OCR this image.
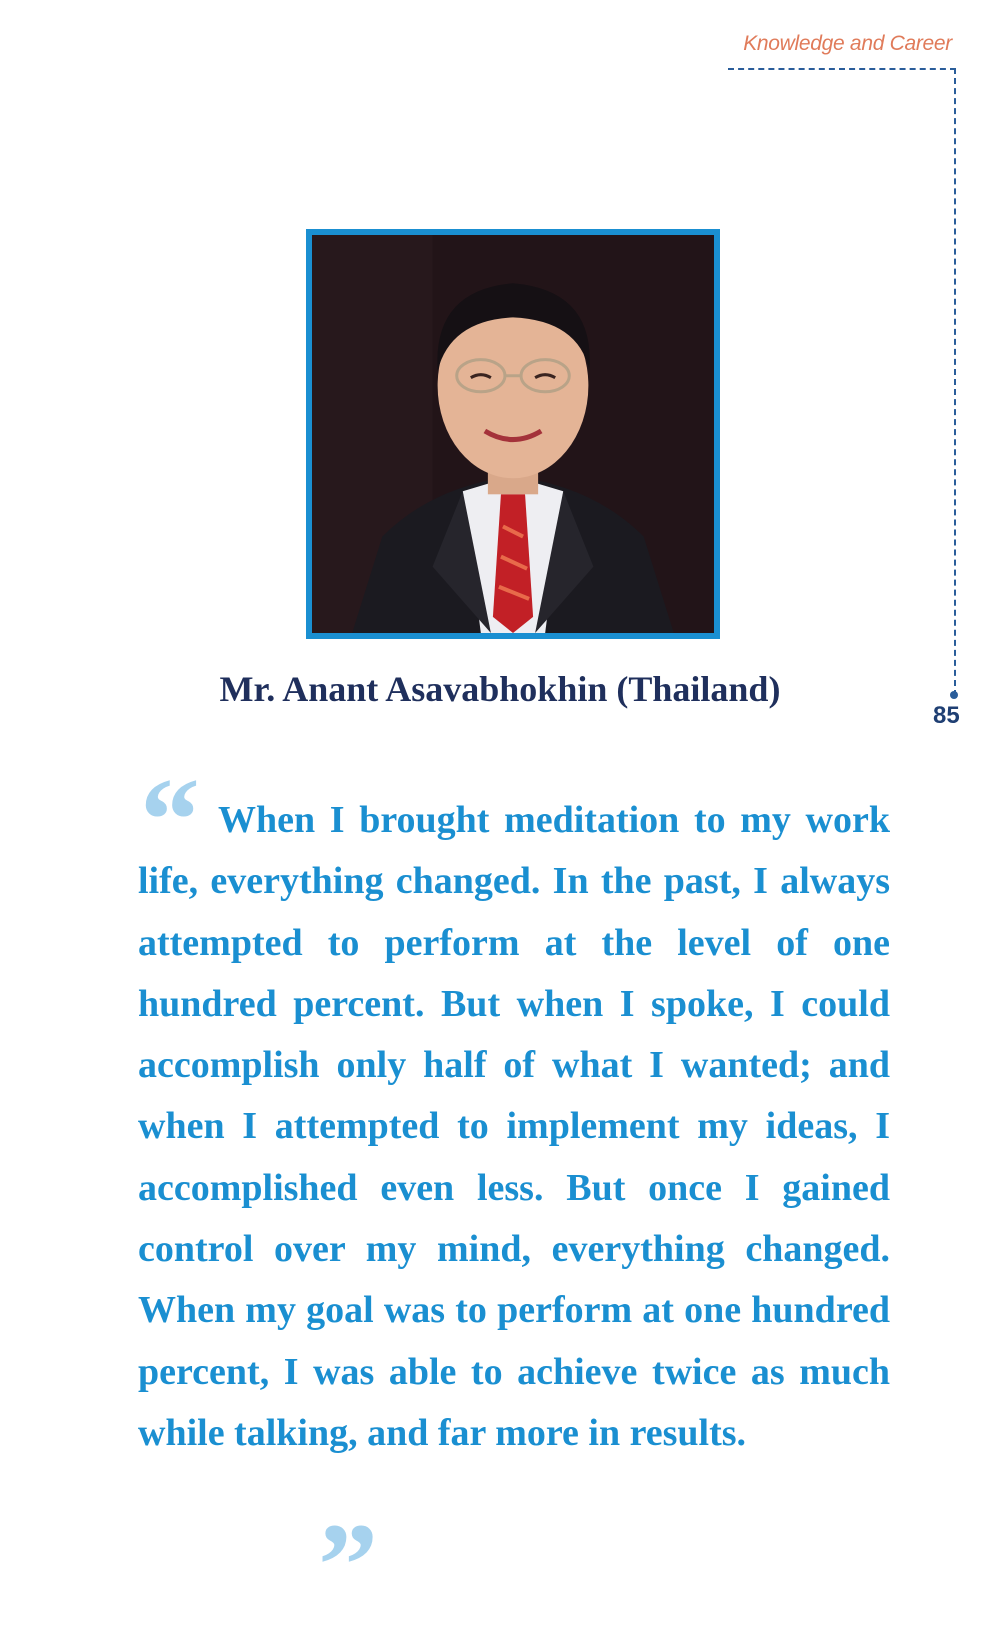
Knowledge and Career
85
Mr. Anant Asavabhokhin (Thailand)
“ When I brought meditation to my work life, everything changed. In the past, I always attempted to perform at the level of one hundred percent. But when I spoke, I could accomplish only half of what I wanted; and when I attempted to implement my ideas, I accomplished even less. But once I gained control over my mind, everything changed. When my goal was to perform at one hundred percent, I was able to achieve twice as much while talking, and far more in results.

”
